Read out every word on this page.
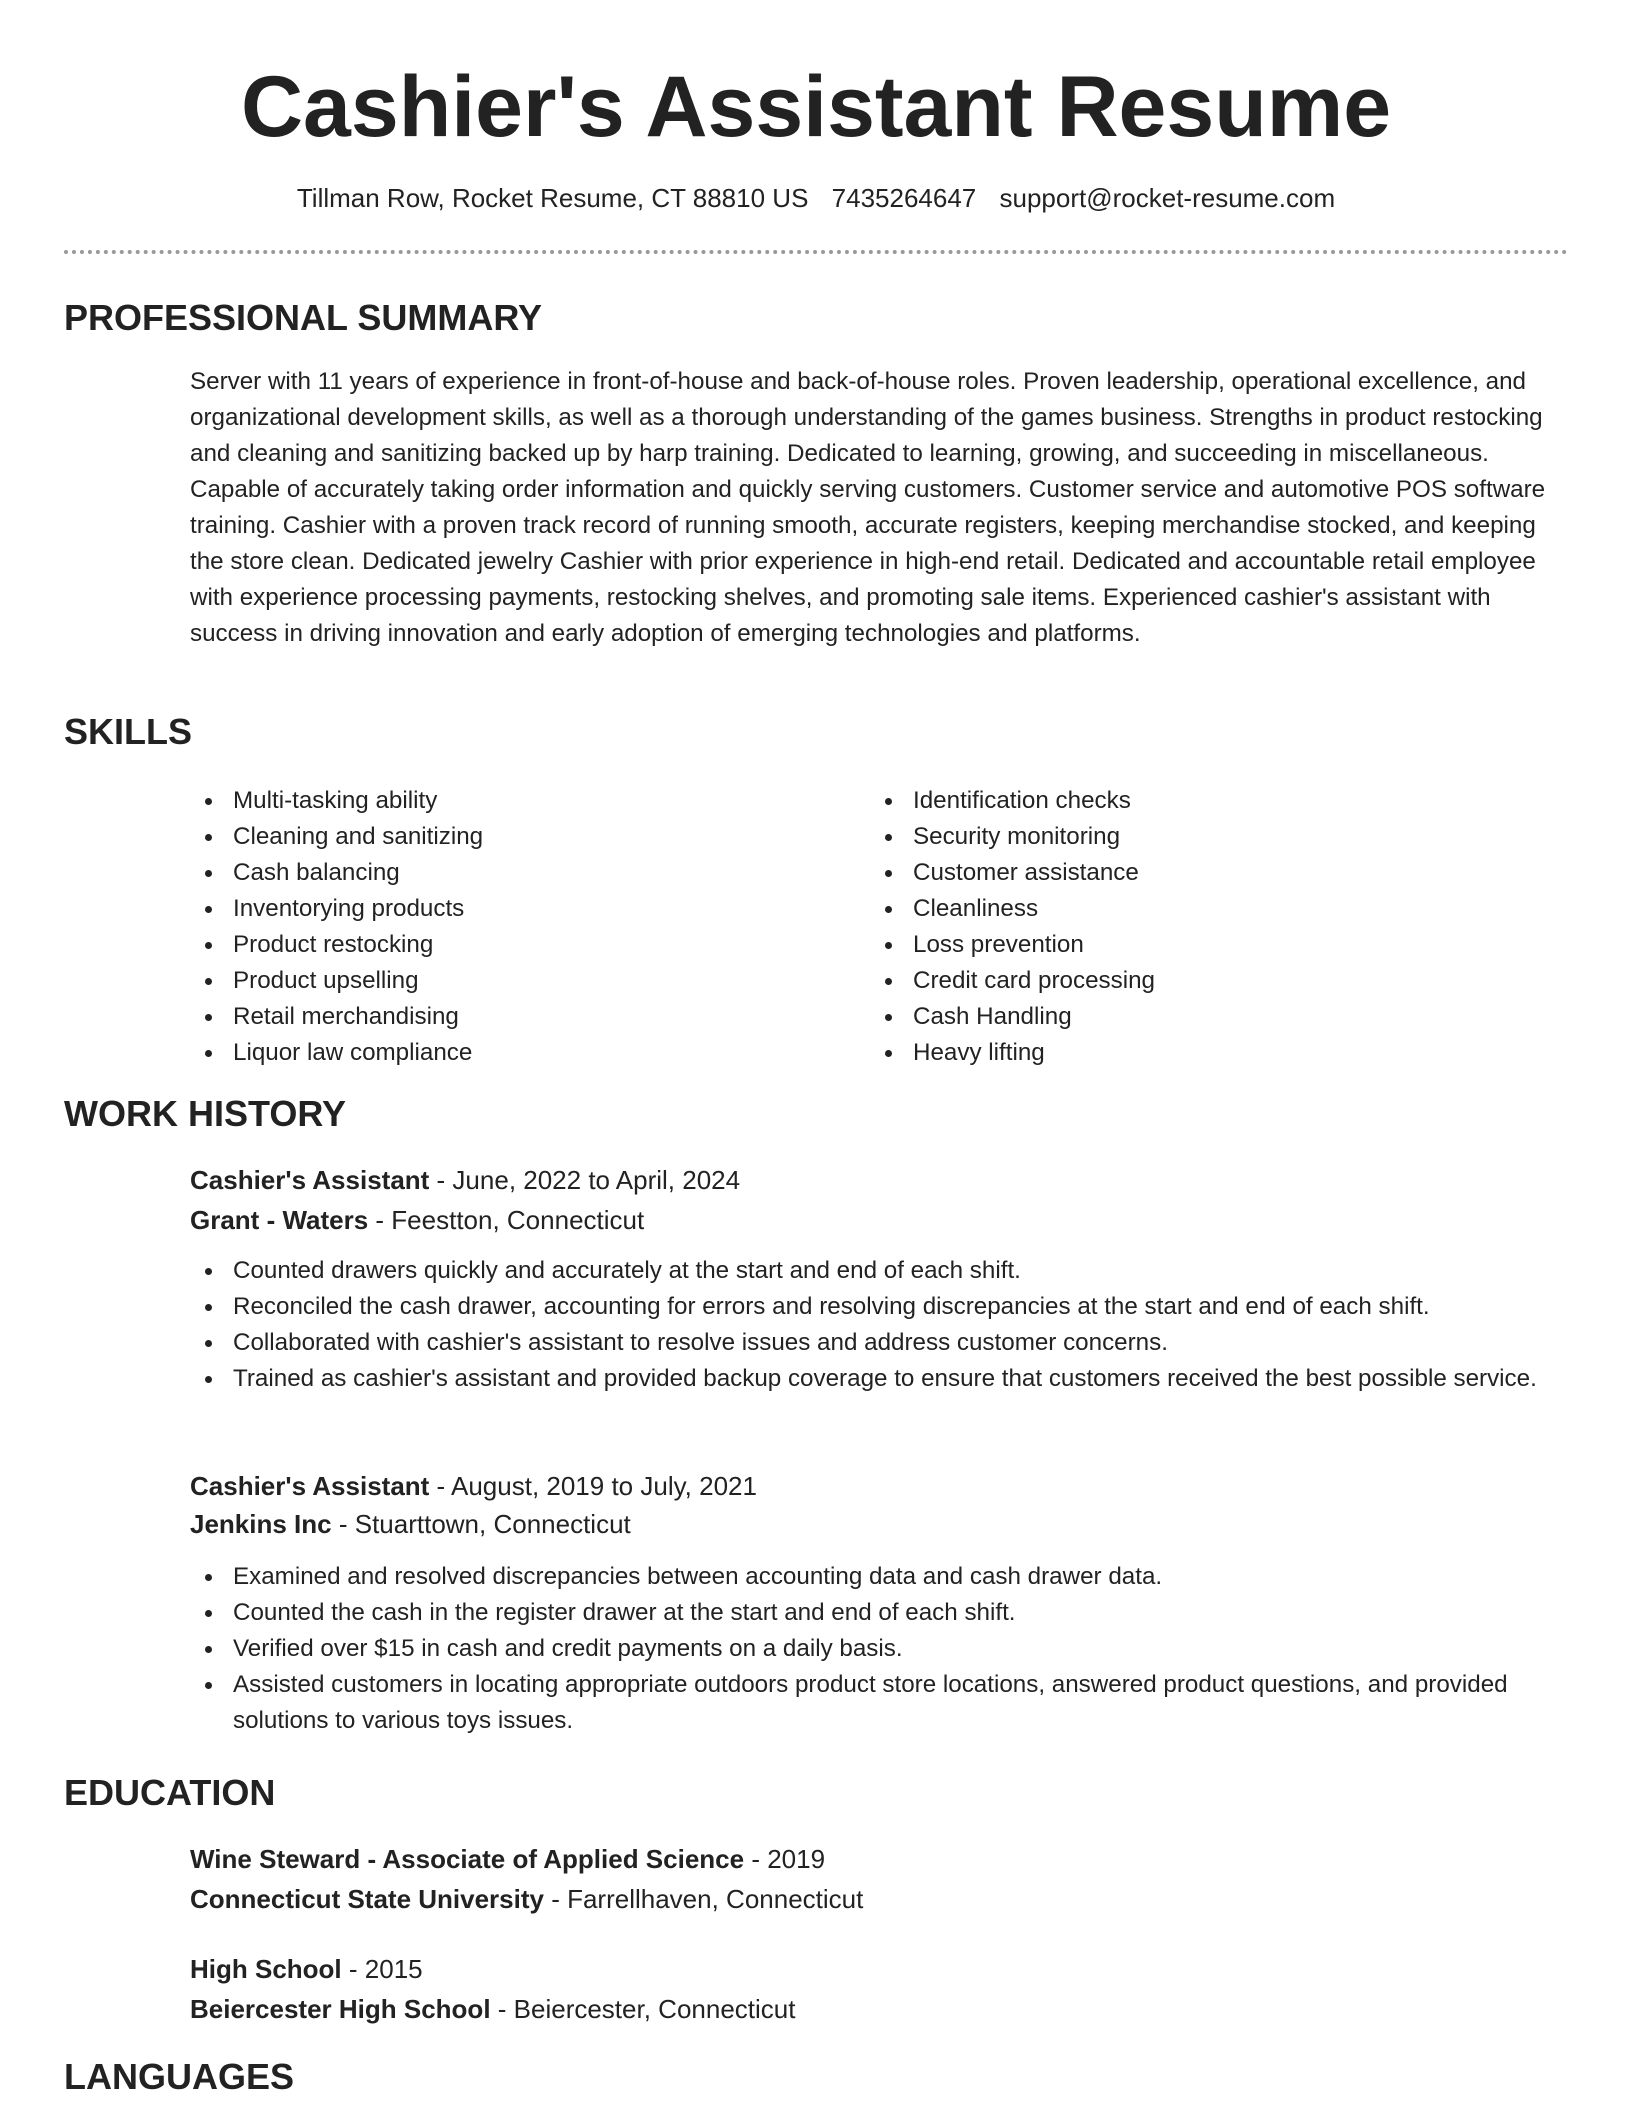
Cashier's Assistant Resume
Tillman Row, Rocket Resume, CT 88810 US 7435264647 support@rocket-resume.com
PROFESSIONAL SUMMARY

Server with 11 years of experience in front-of-house and back-of-house roles. Proven leadership, operational excellence, and organizational development skills, as well as a thorough understanding of the games business. Strengths in product restocking and cleaning and sanitizing backed up by harp training. Dedicated to learning, growing, and succeeding in miscellaneous. Capable of accurately taking order information and quickly serving customers. Customer service and automotive POS software training. Cashier with a proven track record of running smooth, accurate registers, keeping merchandise stocked, and keeping the store clean. Dedicated jewelry Cashier with prior experience in high-end retail. Dedicated and accountable retail employee with experience processing payments, restocking shelves, and promoting sale items. Experienced cashier's assistant with success in driving innovation and early adoption of emerging technologies and platforms.

SKILLS
Multi-tasking ability
Cleaning and sanitizing
Cash balancing
Inventorying products
Product restocking
Product upselling
Retail merchandising
Liquor law compliance
Identification checks
Security monitoring
Customer assistance
Cleanliness
Loss prevention
Credit card processing
Cash Handling
Heavy lifting
WORK HISTORY
Cashier's Assistant - June, 2022 to April, 2024
Grant - Waters - Feestton, Connecticut
Counted drawers quickly and accurately at the start and end of each shift.
Reconciled the cash drawer, accounting for errors and resolving discrepancies at the start and end of each shift.
Collaborated with cashier's assistant to resolve issues and address customer concerns.
Trained as cashier's assistant and provided backup coverage to ensure that customers received the best possible service.
Cashier's Assistant - August, 2019 to July, 2021
Jenkins Inc - Stuarttown, Connecticut
Examined and resolved discrepancies between accounting data and cash drawer data.
Counted the cash in the register drawer at the start and end of each shift.
Verified over $15 in cash and credit payments on a daily basis.
Assisted customers in locating appropriate outdoors product store locations, answered product questions, and provided solutions to various toys issues.
EDUCATION
Wine Steward - Associate of Applied Science - 2019
Connecticut State University - Farrellhaven, Connecticut
High School - 2015
Beiercester High School - Beiercester, Connecticut
LANGUAGES
